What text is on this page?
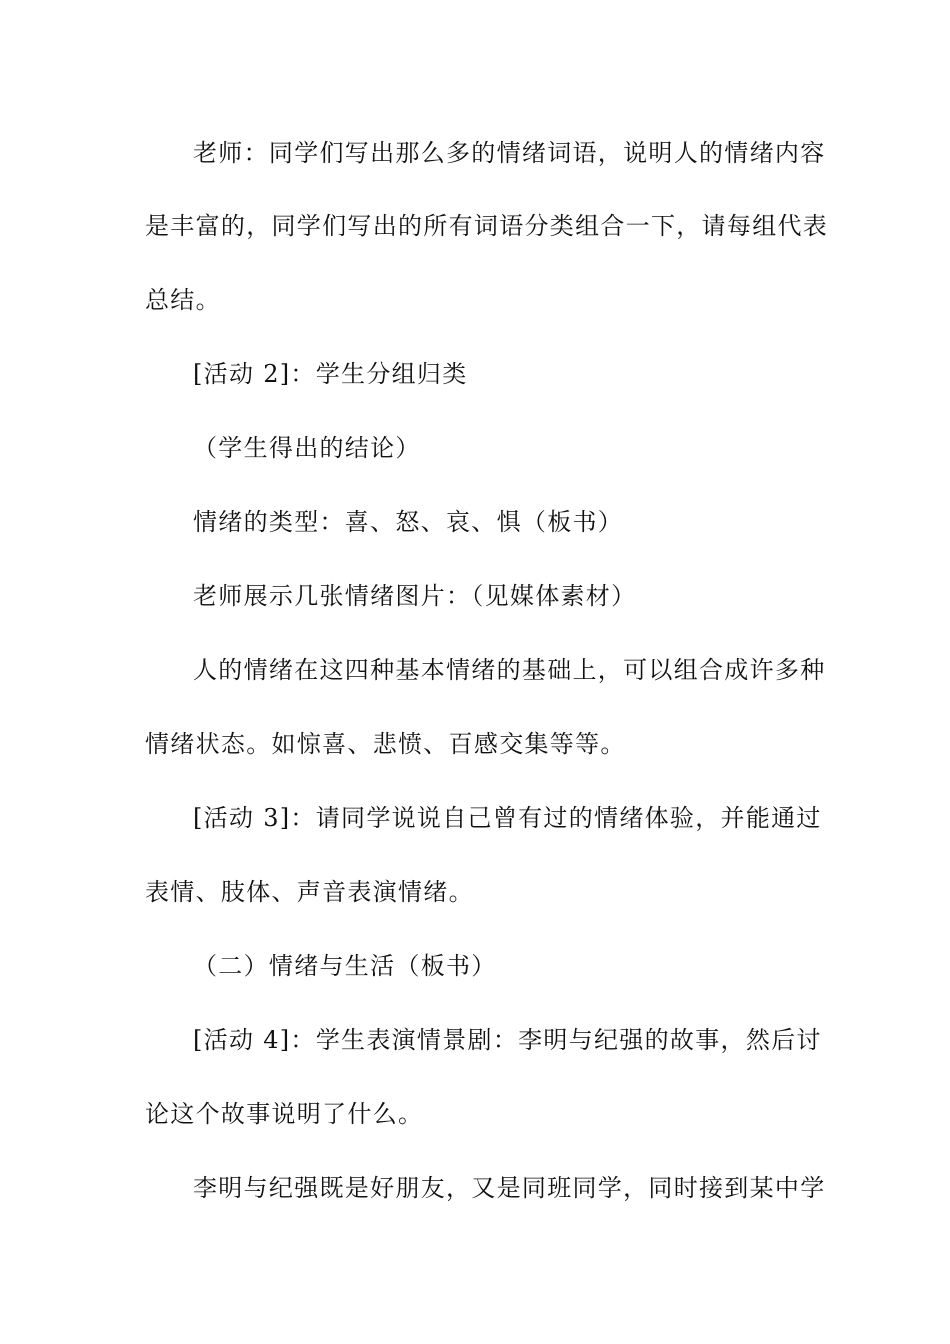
老师：同学们写出那么多的情绪词语，说明人的情绪内容
是丰富的，同学们写出的所有词语分类组合一下，请每组代表
总结。
[活动 2]：学生分组归类
（学生得出的结论）
情绪的类型：喜、怒、哀、惧（板书）
老师展示几张情绪图片：（见媒体素材）
人的情绪在这四种基本情绪的基础上，可以组合成许多种
情绪状态。如惊喜、悲愤、百感交集等等。
[活动 3]：请同学说说自己曾有过的情绪体验，并能通过
表情、肢体、声音表演情绪。
（二）情绪与生活（板书）
[活动 4]：学生表演情景剧：李明与纪强的故事，然后讨
论这个故事说明了什么。
李明与纪强既是好朋友，又是同班同学，同时接到某中学
